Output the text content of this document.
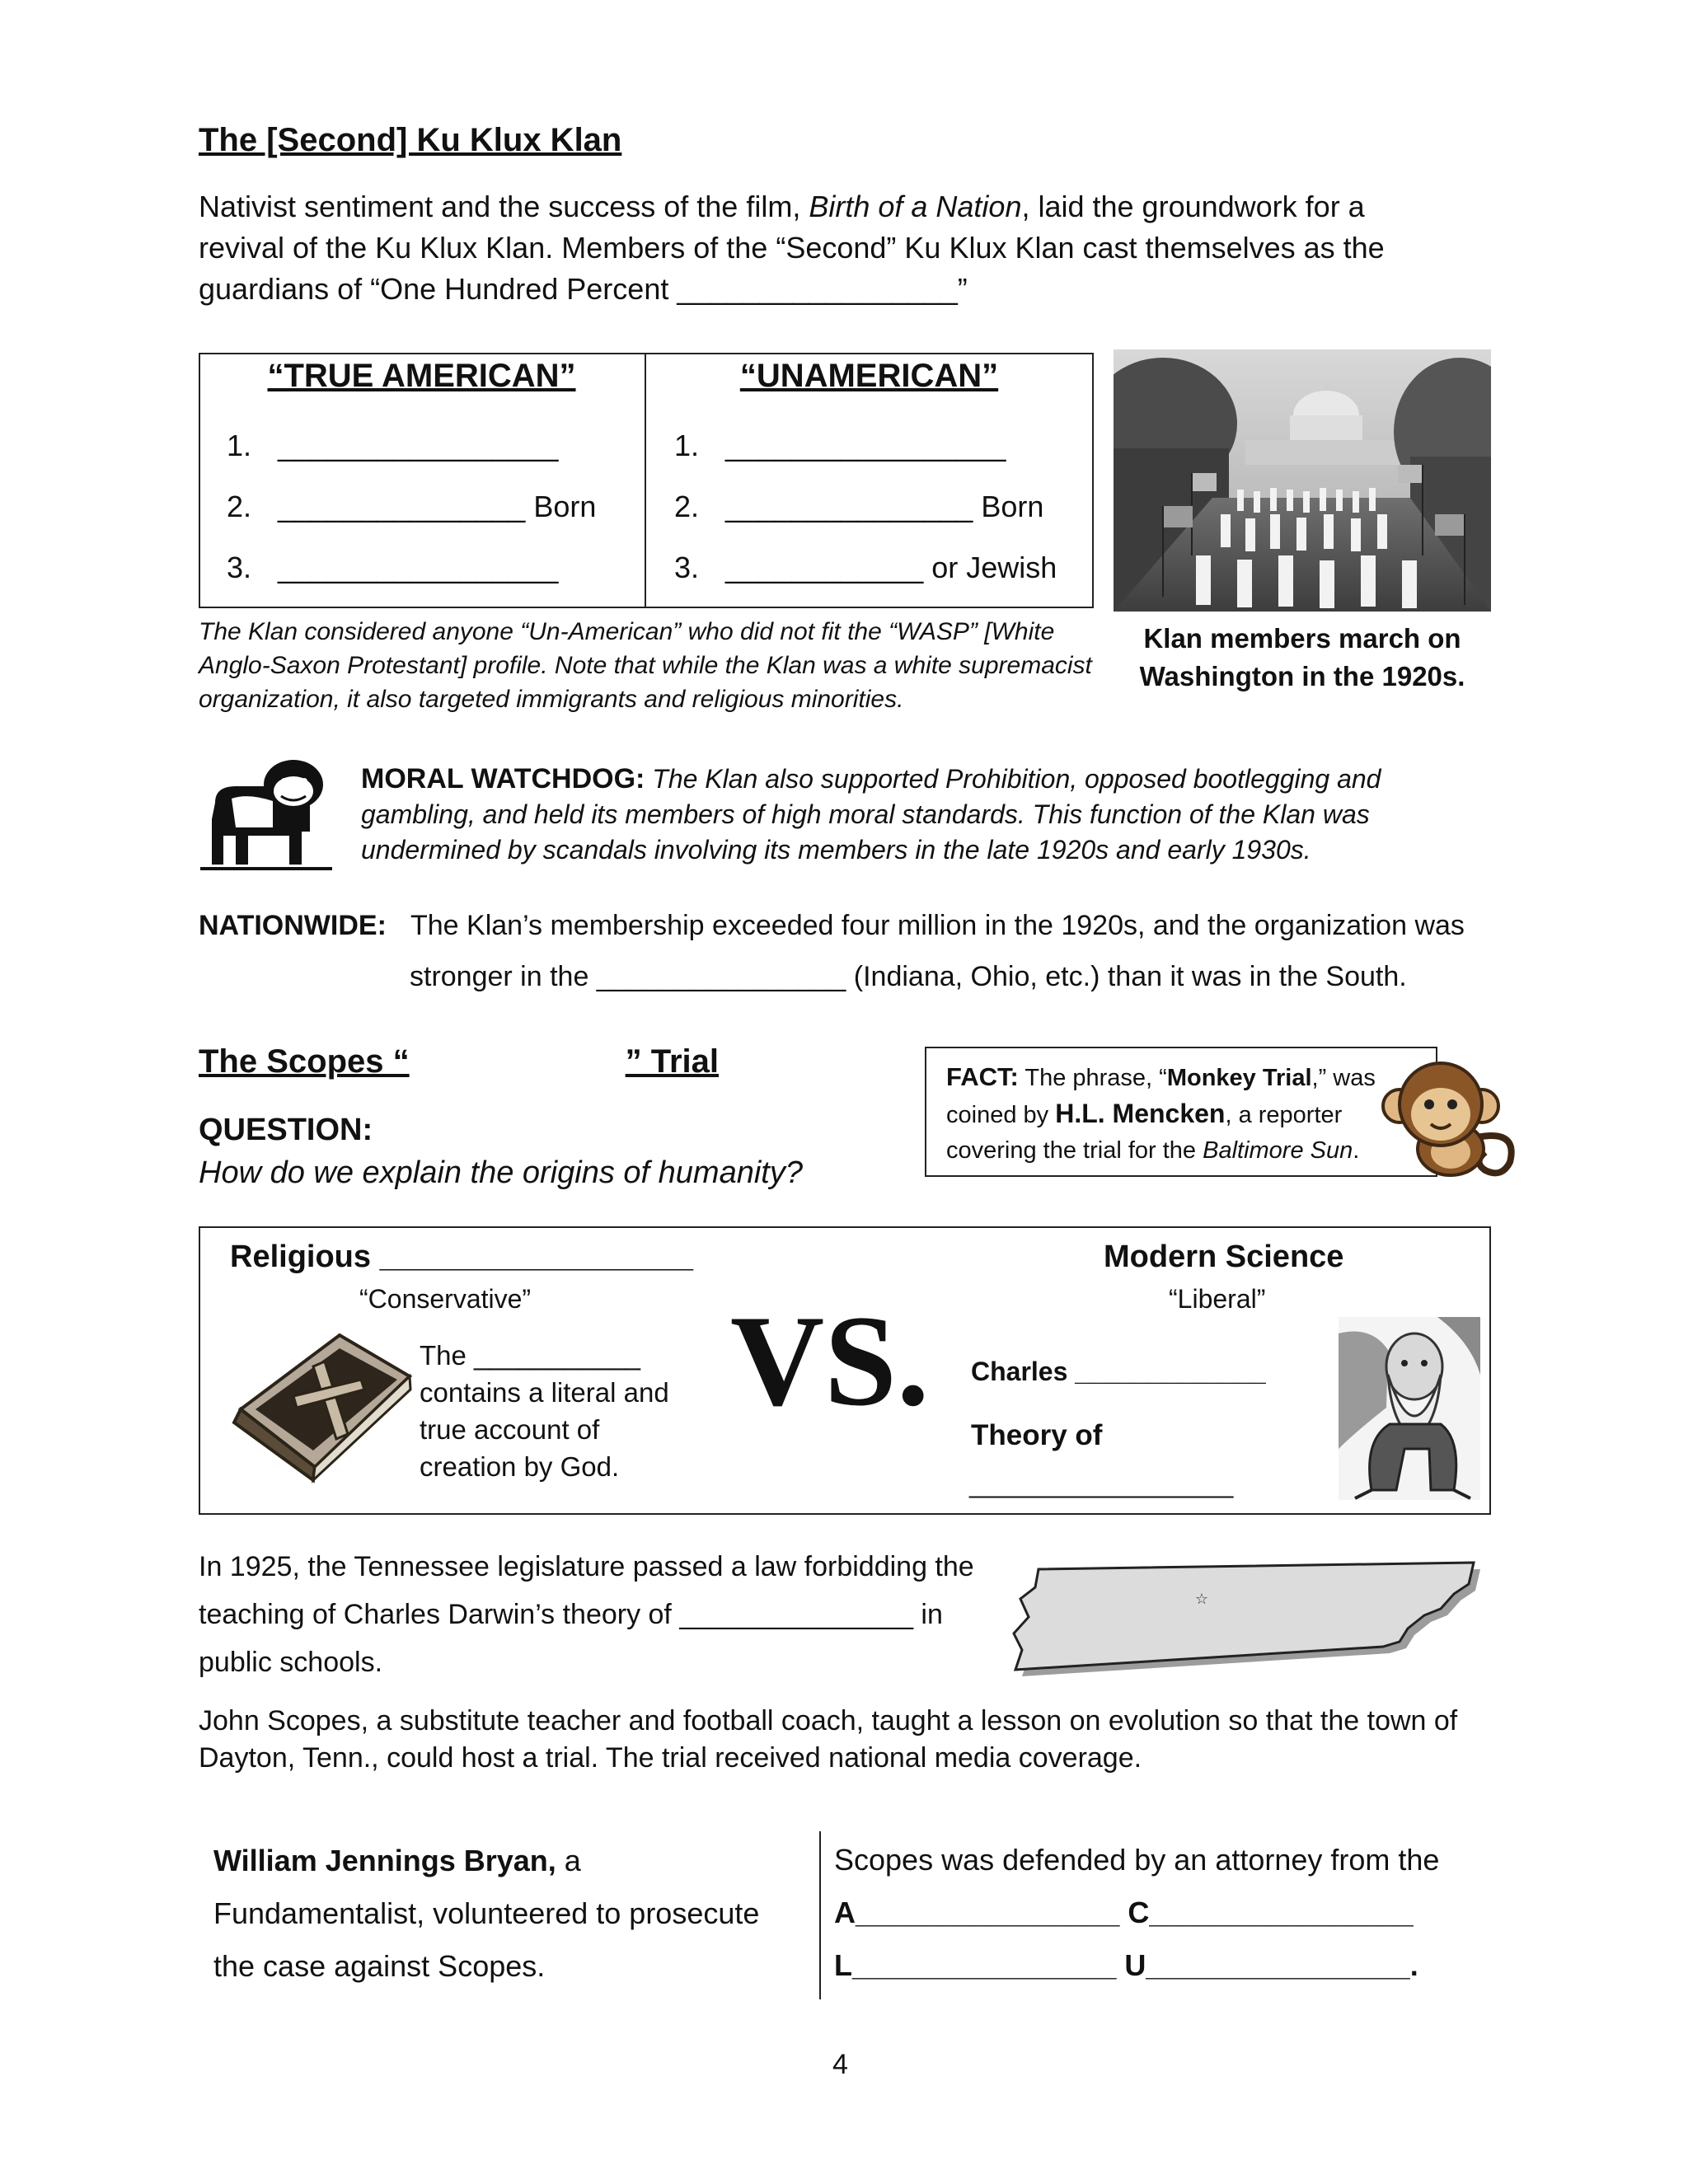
The [Second] Ku Klux Klan

Nativist sentiment and the success of the film, Birth of a Nation, laid the groundwork for a revival of the Ku Klux Klan. Members of the “Second” Ku Klux Klan cast themselves as the guardians of “One Hundred Percent _________________”

“TRUE AMERICAN”	“UNAMERICAN”
1. _________________
2. _______________ Born
3. _________________
1. _________________
2. _______________ Born
3. ____________ or Jewish
Klan members march on Washington in the 1920s.

The Klan considered anyone “Un-American” who did not fit the “WASP” [White Anglo-Saxon Protestant] profile. Note that while the Klan was a white supremacist organization, it also targeted immigrants and religious minorities.

MORAL WATCHDOG: The Klan also supported Prohibition, opposed bootlegging and gambling, and held its members of high moral standards. This function of the Klan was undermined by scandals involving its members in the late 1920s and early 1930s.

NATIONWIDE: The Klan’s membership exceeded four million in the 1920s, and the organization was
stronger in the ________________ (Indiana, Ohio, etc.) than it was in the South.
The Scopes “	” Trial
QUESTION:
How do we explain the origins of humanity?

FACT: The phrase, “Monkey Trial,” was coined by H.L. Mencken, a reporter covering the trial for the Baltimore Sun.

Religious __________________
“Conservative”

The ___________ contains a literal and true account of creation by God.

VS.
Modern Science
“Liberal”
Charles _____________
Theory of
__________________

In 1925, the Tennessee legislature passed a law forbidding the teaching of Charles Darwin’s theory of _______________ in public schools.

☆

John Scopes, a substitute teacher and football coach, taught a lesson on evolution so that the town of Dayton, Tenn., could host a trial. The trial received national media coverage.

William Jennings Bryan, a Fundamentalist, volunteered to prosecute the case against Scopes.

Scopes was defended by an attorney from the
A________________ C________________
L________________ U________________.
4
